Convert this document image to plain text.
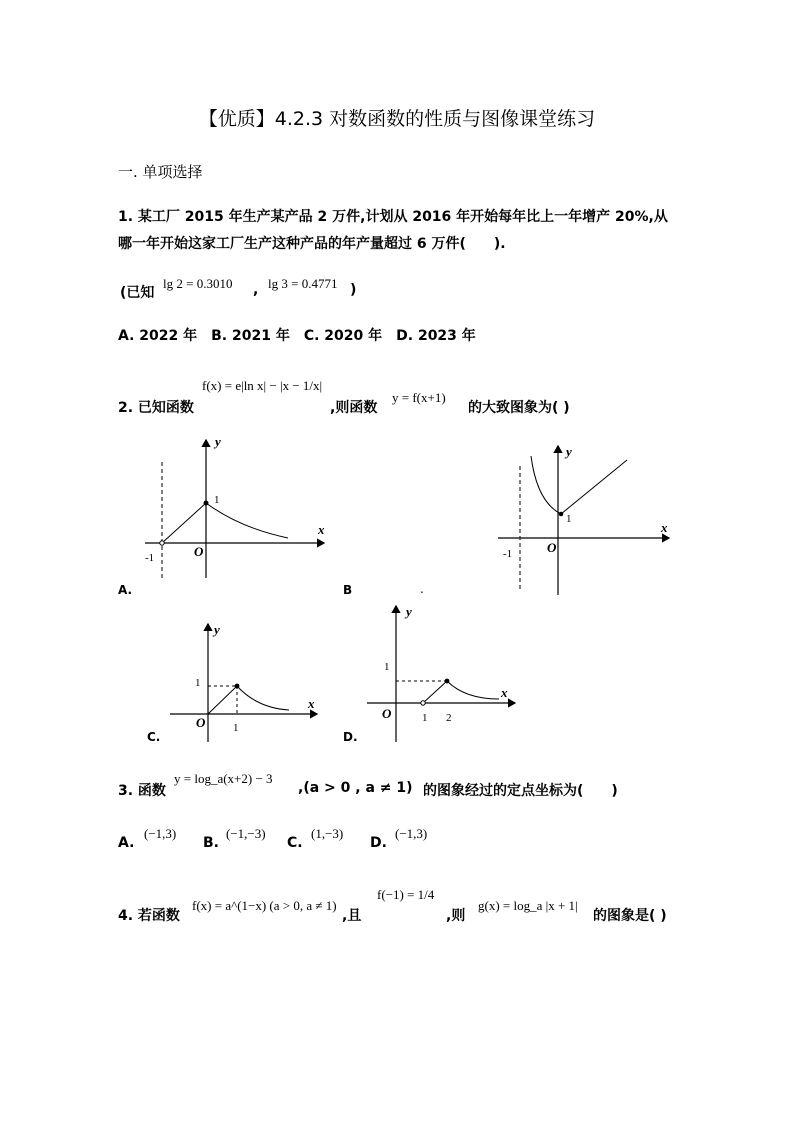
【优质】4.2.3 对数函数的性质与图像课堂练习
一. 单项选择
1. 某工厂 2015 年生产某产品 2 万件,计划从 2016 年开始每年比上一年增产 20%,从
哪一年开始这家工厂生产这种产品的年产量超过 6 万件(　　).
(已知
lg 2 = 0.3010 , lg 3 = 0.4771 )
A. 2022 年　B. 2021 年　C. 2020 年　D. 2023 年
2. 已知函数
f(x) = e|ln x| − |x − 1/x|
,则函数
y = f(x+1)
的大致图象为( )
y
x
O
1
-1
A.
y
x
O
1
-1
B	.
y
x
O
1
1
C.
y
x
O
1
1 2
D.
3. 函数
y = log_a(x+2) − 3
,(a > 0 , a ≠ 1) 的图象经过的定点坐标为(　　)
A.
(−1,3)
B.
(−1,−3)
C.
(1,−3)
D.
(−1,3)
4. 若函数
f(x) = a^(1−x) (a > 0, a ≠ 1)
,且
f(−1) = 1/4
,则
g(x) = log_a |x + 1|
的图象是( )
